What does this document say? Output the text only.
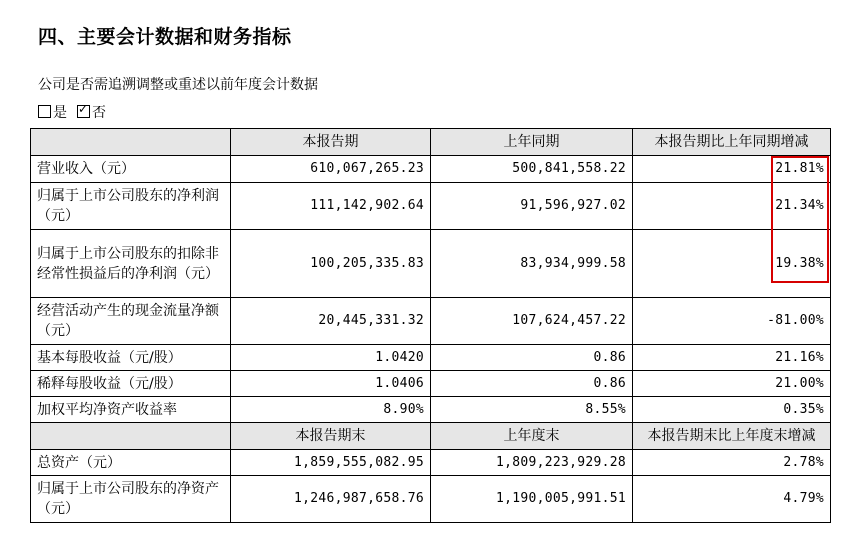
四、主要会计数据和财务指标
公司是否需追溯调整或重述以前年度会计数据
是 ✓ 否
	本报告期	上年同期	本报告期比上年同期增减
营业收入（元）	610,067,265.23	500,841,558.22	21.81%
归属于上市公司股东的净利润（元）	111,142,902.64	91,596,927.02	21.34%
归属于上市公司股东的扣除非经常性损益后的净利润（元）	100,205,335.83	83,934,999.58	19.38%
经营活动产生的现金流量净额（元）	20,445,331.32	107,624,457.22	-81.00%
基本每股收益（元/股）	1.0420	0.86	21.16%
稀释每股收益（元/股）	1.0406	0.86	21.00%
加权平均净资产收益率	8.90%	8.55%	0.35%
	本报告期末	上年度末	本报告期末比上年度末增减
总资产（元）	1,859,555,082.95	1,809,223,929.28	2.78%
归属于上市公司股东的净资产（元）	1,246,987,658.76	1,190,005,991.51	4.79%
